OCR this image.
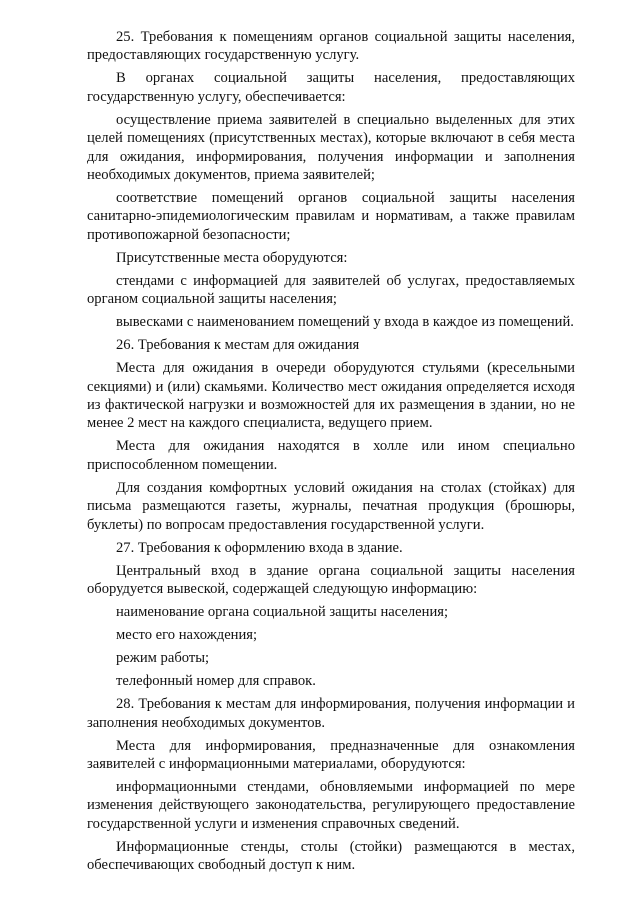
25. Требования к помещениям органов социальной защиты населения, предоставляющих государственную услугу.

В органах социальной защиты населения, предоставляющих государственную услугу, обеспечивается:

осуществление приема заявителей в специально выделенных для этих целей помещениях (присутственных местах), которые включают в себя места для ожидания, информирования, получения информации и заполнения необходимых документов, приема заявителей;

соответствие помещений органов социальной защиты населения санитарно-эпидемиологическим правилам и нормативам, а также правилам противопожарной безопасности;

Присутственные места оборудуются:

стендами с информацией для заявителей об услугах, предоставляемых органом социальной защиты населения;

вывесками с наименованием помещений у входа в каждое из помещений.

26. Требования к местам для ожидания

Места для ожидания в очереди оборудуются стульями (кресельными секциями) и (или) скамьями. Количество мест ожидания определяется исходя из фактической нагрузки и возможностей для их размещения в здании, но не менее 2 мест на каждого специалиста, ведущего прием.

Места для ожидания находятся в холле или ином специально приспособленном помещении.

Для создания комфортных условий ожидания на столах (стойках) для письма размещаются газеты, журналы, печатная продукция (брошюры, буклеты) по вопросам предоставления государственной услуги.

27. Требования к оформлению входа в здание.

Центральный вход в здание органа социальной защиты населения оборудуется вывеской, содержащей следующую информацию:

наименование органа социальной защиты населения;

место его нахождения;

режим работы;

телефонный номер для справок.

28. Требования к местам для информирования, получения информации и заполнения необходимых документов.

Места для информирования, предназначенные для ознакомления заявителей с информационными материалами, оборудуются:

информационными стендами, обновляемыми информацией по мере изменения действующего законодательства, регулирующего предоставление государственной услуги и изменения справочных сведений.

Информационные стенды, столы (стойки) размещаются в местах, обеспечивающих свободный доступ к ним.
